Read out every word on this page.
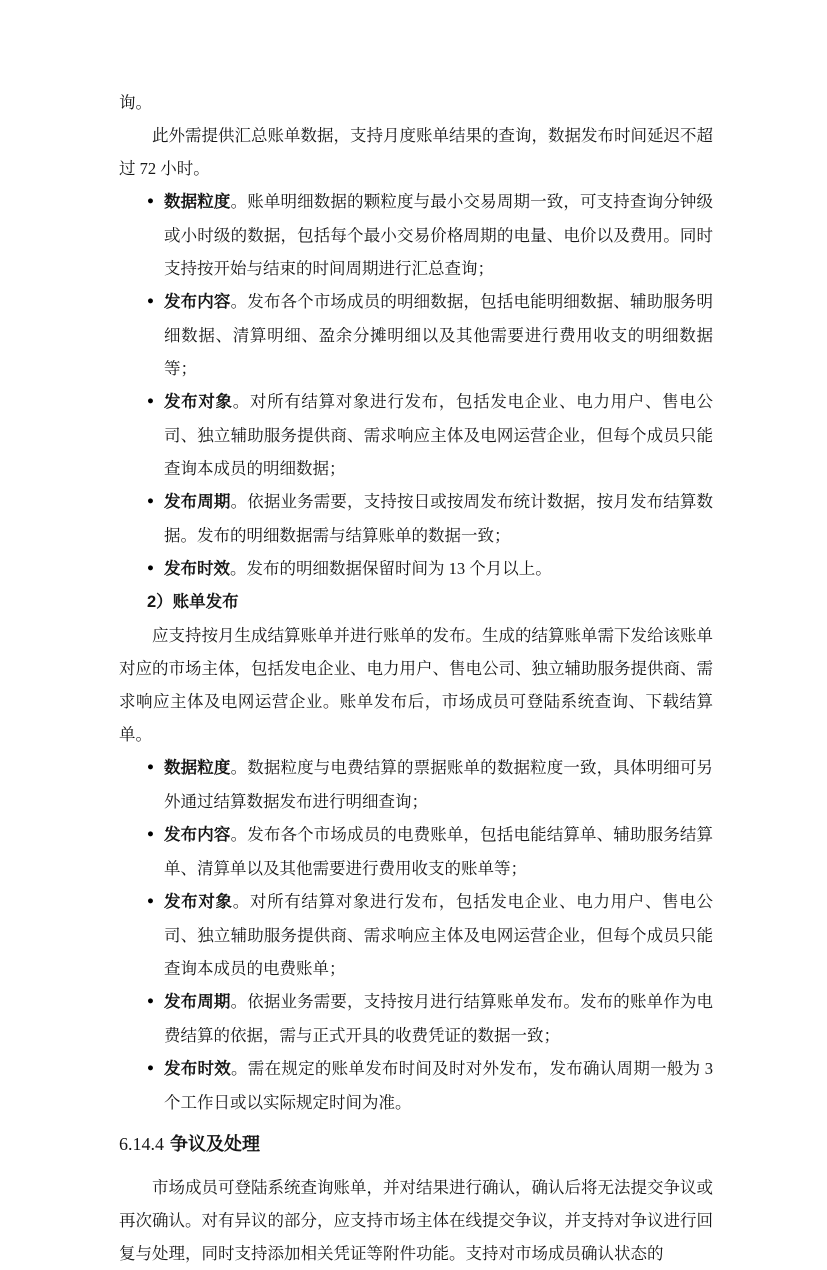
询。

此外需提供汇总账单数据，支持月度账单结果的查询，数据发布时间延迟不超过 72 小时。

● 数据粒度。账单明细数据的颗粒度与最小交易周期一致，可支持查询分钟级或小时级的数据，包括每个最小交易价格周期的电量、电价以及费用。同时支持按开始与结束的时间周期进行汇总查询；
● 发布内容。发布各个市场成员的明细数据，包括电能明细数据、辅助服务明细数据、清算明细、盈余分摊明细以及其他需要进行费用收支的明细数据等；
● 发布对象。对所有结算对象进行发布，包括发电企业、电力用户、售电公司、独立辅助服务提供商、需求响应主体及电网运营企业，但每个成员只能查询本成员的明细数据；
● 发布周期。依据业务需要，支持按日或按周发布统计数据，按月发布结算数据。发布的明细数据需与结算账单的数据一致；
● 发布时效。发布的明细数据保留时间为 13 个月以上。

2）账单发布

应支持按月生成结算账单并进行账单的发布。生成的结算账单需下发给该账单对应的市场主体，包括发电企业、电力用户、售电公司、独立辅助服务提供商、需求响应主体及电网运营企业。账单发布后，市场成员可登陆系统查询、下载结算单。

● 数据粒度。数据粒度与电费结算的票据账单的数据粒度一致，具体明细可另外通过结算数据发布进行明细查询；
● 发布内容。发布各个市场成员的电费账单，包括电能结算单、辅助服务结算单、清算单以及其他需要进行费用收支的账单等；
● 发布对象。对所有结算对象进行发布，包括发电企业、电力用户、售电公司、独立辅助服务提供商、需求响应主体及电网运营企业，但每个成员只能查询本成员的电费账单；
● 发布周期。依据业务需要，支持按月进行结算账单发布。发布的账单作为电费结算的依据，需与正式开具的收费凭证的数据一致；
● 发布时效。需在规定的账单发布时间及时对外发布，发布确认周期一般为 3 个工作日或以实际规定时间为准。
6.14.4 争议及处理

市场成员可登陆系统查询账单，并对结果进行确认，确认后将无法提交争议或再次确认。对有异议的部分，应支持市场主体在线提交争议，并支持对争议进行回复与处理，同时支持添加相关凭证等附件功能。支持对市场成员确认状态的
